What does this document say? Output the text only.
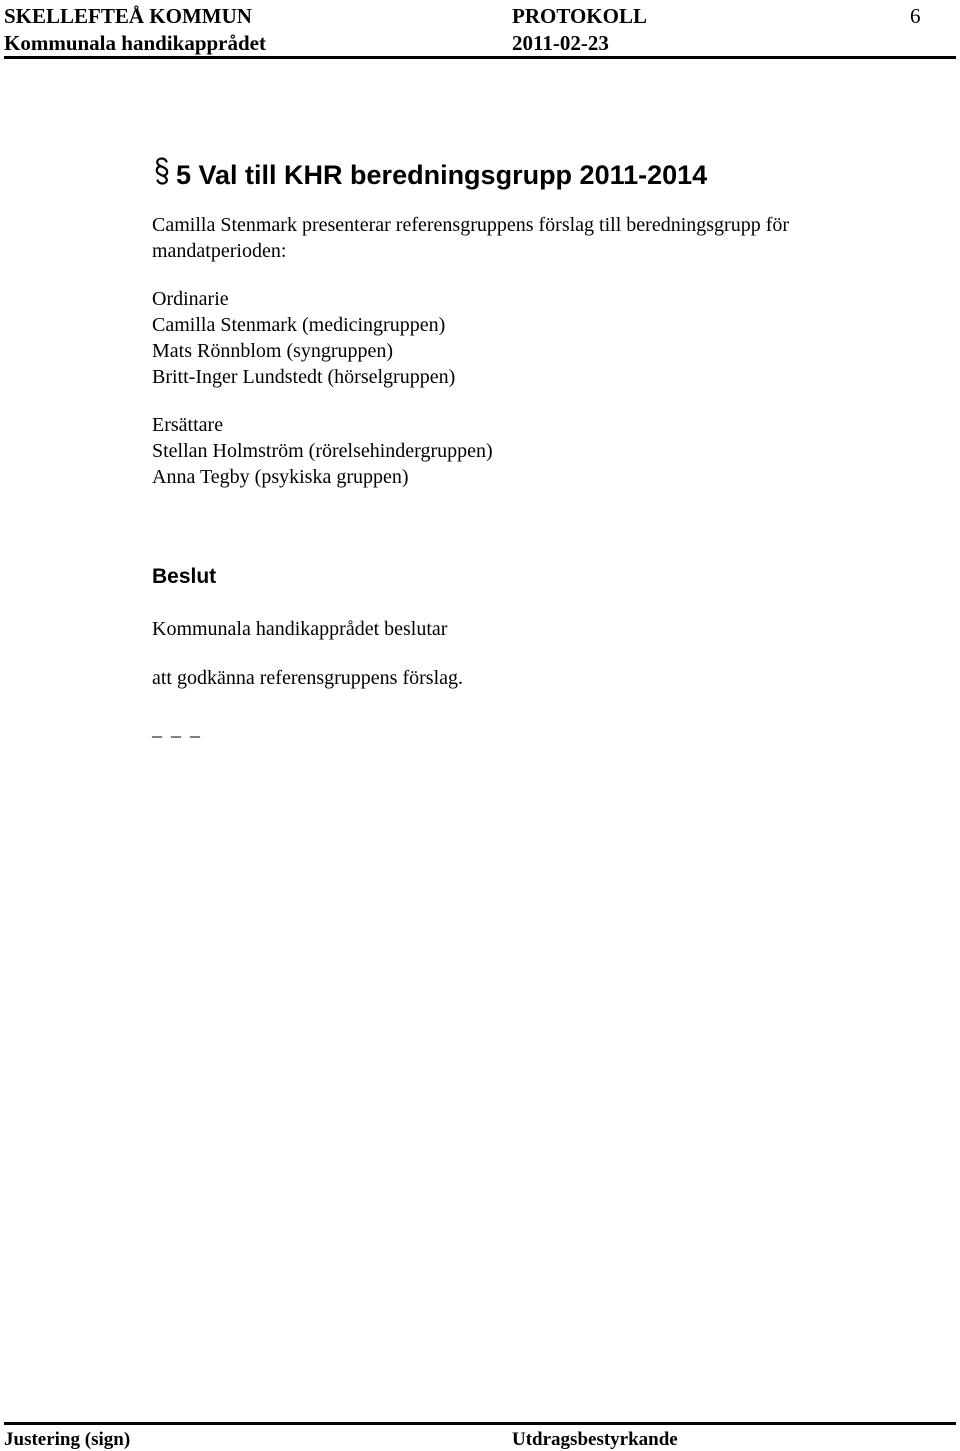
SKELLEFTEÅ KOMMUN	PROTOKOLL	6
Kommunala handikapprådet	2011-02-23
5 Val till KHR beredningsgrupp 2011-2014
Camilla Stenmark presenterar referensgruppens förslag till beredningsgrupp för mandatperioden:
Ordinarie
Camilla Stenmark (medicingruppen)
Mats Rönnblom (syngruppen)
Britt-Inger Lundstedt (hörselgruppen)
Ersättare
Stellan Holmström (rörelsehindergruppen)
Anna Tegby (psykiska gruppen)
Beslut
Kommunala handikapprådet beslutar
att godkänna referensgruppens förslag.
_ _ _
Justering (sign)	Utdragsbestyrkande
